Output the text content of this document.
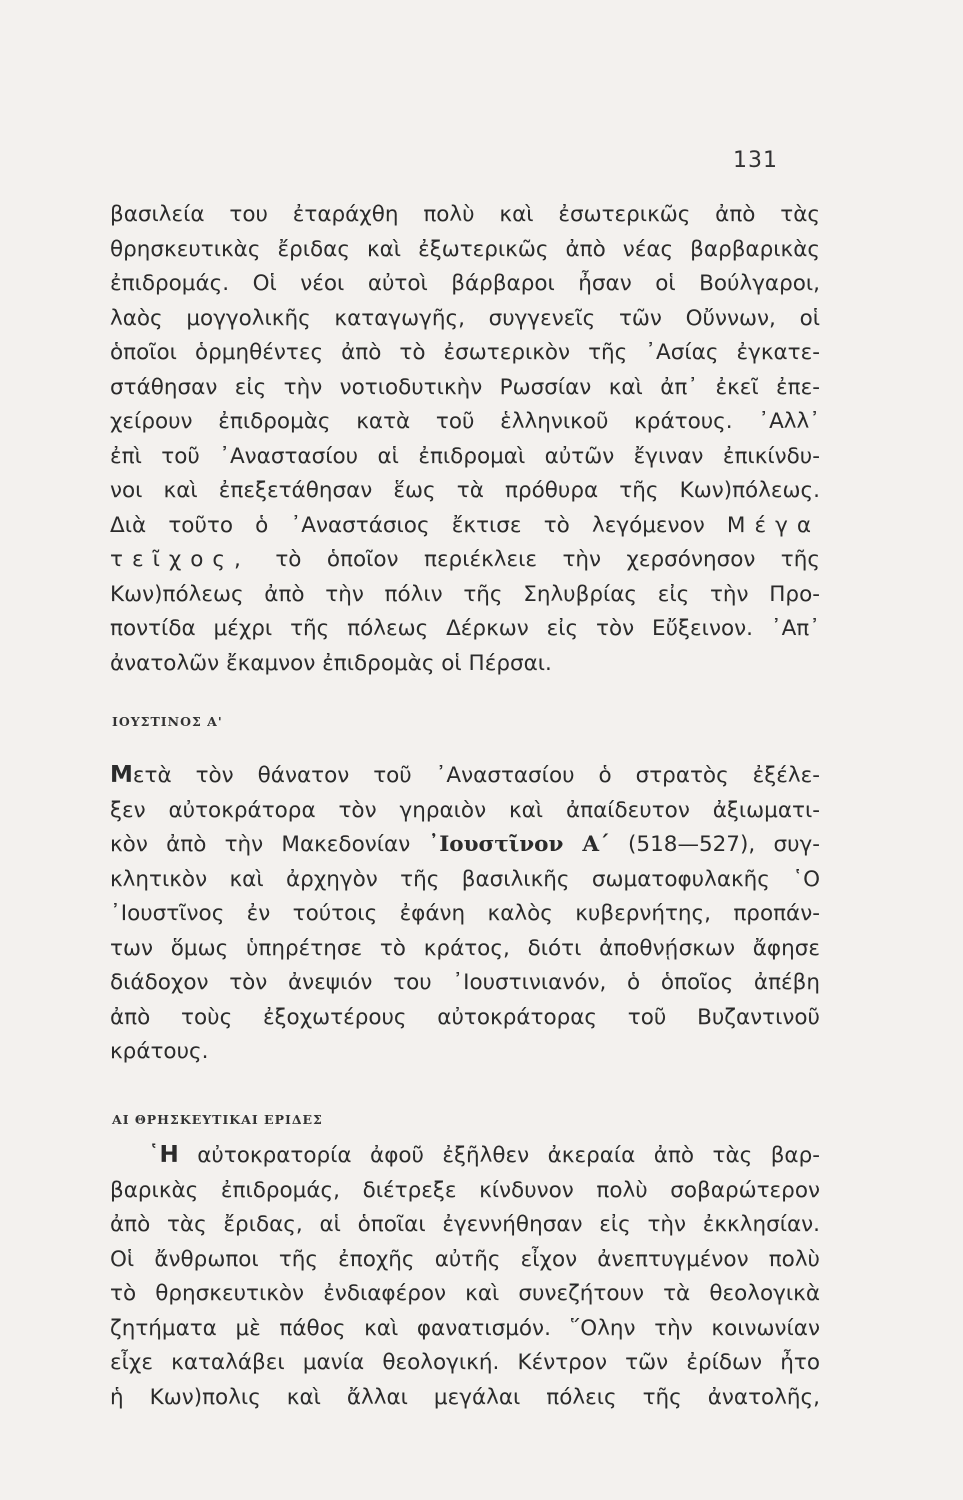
131
βασιλεία του ἐταράχθη πολὺ καὶ ἐσωτερικῶς ἀπὸ τὰς
θρησκευτικὰς ἔριδας καὶ ἐξωτερικῶς ἀπὸ νέας βαρβαρικὰς
ἐπιδρομάς. Οἱ νέοι αὐτοὶ βάρβαροι ἦσαν οἱ Βούλγαροι,
λαὸς μογγολικῆς καταγωγῆς, συγγενεῖς τῶν Οὔννων, οἱ
ὁποῖοι ὁρμηθέντες ἀπὸ τὸ ἐσωτερικὸν τῆς ᾿Ασίας ἐγκατε-
στάθησαν εἰς τὴν νοτιοδυτικὴν Ρωσσίαν καὶ ἀπ᾿ ἐκεῖ ἐπε-
χείρουν ἐπιδρομὰς κατὰ τοῦ ἑλληνικοῦ κράτους. ᾿Αλλ᾿
ἐπὶ τοῦ ᾿Αναστασίου αἱ ἐπιδρομαὶ αὐτῶν ἔγιναν ἐπικίνδυ-
νοι καὶ ἐπεξετάθησαν ἕως τὰ πρόθυρα τῆς Κων)πόλεως.
Διὰ τοῦτο ὁ ᾿Αναστάσιος ἔκτισε τὸ λεγόμενον Μέγα
τεῖχος, τὸ ὁποῖον περιέκλειε τὴν χερσόνησον τῆς
Κων)πόλεως ἀπὸ τὴν πόλιν τῆς Σηλυβρίας εἰς τὴν Προ-
ποντίδα μέχρι τῆς πόλεως Δέρκων εἰς τὸν Εὔξεινον. ᾿Απ᾿
ἀνατολῶν ἔκαμνον ἐπιδρομὰς οἱ Πέρσαι.
ΙΟΥΣΤΙΝΟΣ Α'
Μετὰ τὸν θάνατον τοῦ ᾿Αναστασίου ὁ στρατὸς ἐξέλε-
ξεν αὐτοκράτορα τὸν γηραιὸν καὶ ἀπαίδευτον ἀξιωματι-
κὸν ἀπὸ τὴν Μακεδονίαν ᾿Ιουστῖνον Α΄ (518—527), συγ-
κλητικὸν καὶ ἀρχηγὸν τῆς βασιλικῆς σωματοφυλακῆς ῾Ο
᾿Ιουστῖνος ἐν τούτοις ἐφάνη καλὸς κυβερνήτης, προπάν-
των ὅμως ὑπηρέτησε τὸ κράτος, διότι ἀποθνῄσκων ἄφησε
διάδοχον τὸν ἀνεψιόν του ᾿Ιουστινιανόν, ὁ ὁποῖος ἀπέβη
ἀπὸ τοὺς ἐξοχωτέρους αὐτοκράτορας τοῦ Βυζαντινοῦ
κράτους.
ΑΙ ΘΡΗΣΚΕΥΤΙΚΑΙ ΕΡΙΔΕΣ
῾Η αὐτοκρατορία ἀφοῦ ἐξῆλθεν ἀκεραία ἀπὸ τὰς βαρ-
βαρικὰς ἐπιδρομάς, διέτρεξε κίνδυνον πολὺ σοβαρώτερον
ἀπὸ τὰς ἔριδας, αἱ ὁποῖαι ἐγεννήθησαν εἰς τὴν ἐκκλησίαν.
Οἱ ἄνθρωποι τῆς ἐποχῆς αὐτῆς εἶχον ἀνεπτυγμένον πολὺ
τὸ θρησκευτικὸν ἐνδιαφέρον καὶ συνεζήτουν τὰ θεολογικὰ
ζητήματα μὲ πάθος καὶ φανατισμόν. ῞Ολην τὴν κοινωνίαν
εἶχε καταλάβει μανία θεολογική. Κέντρον τῶν ἐρίδων ἦτο
ἡ Κων)πολις καὶ ἄλλαι μεγάλαι πόλεις τῆς ἀνατολῆς,
